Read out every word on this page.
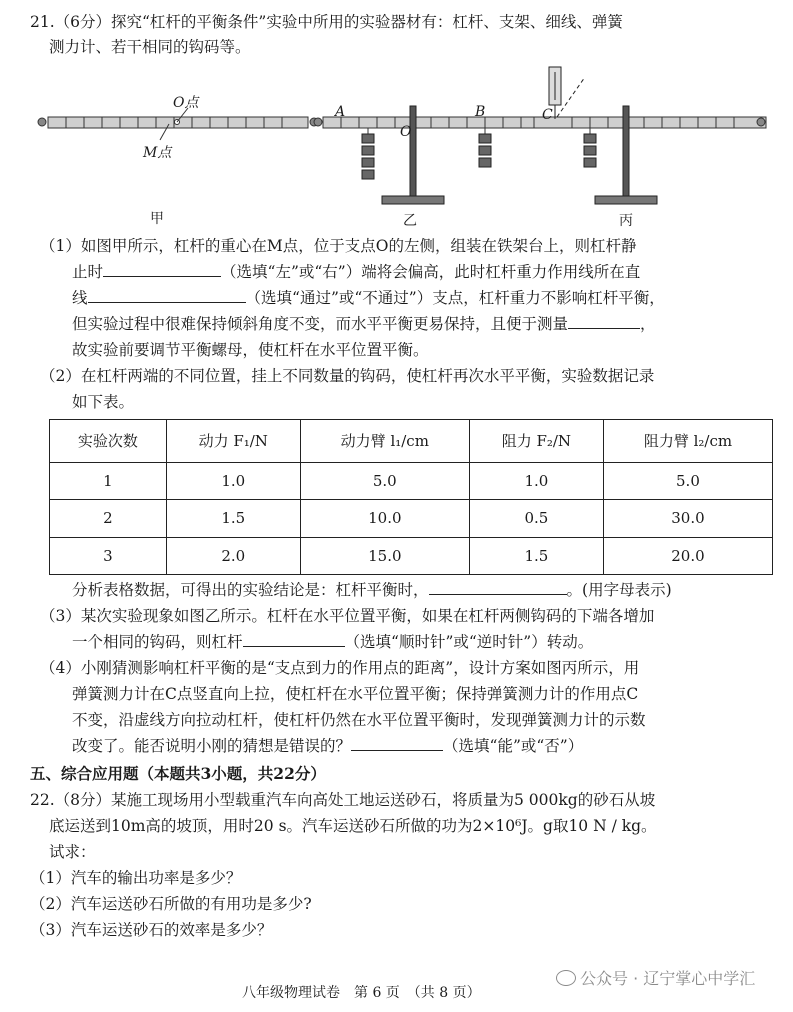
21.（6分）探究“杠杆的平衡条件”实验中所用的实验器材有：杠杆、支架、细线、弹簧
测力计、若干相同的钩码等。
O点
M点
A
O
B	C
甲	乙	丙
（1）如图甲所示，杠杆的重心在M点，位于支点O的左侧，组装在铁架台上，则杠杆静
止时	（选填“左”或“右”）端将会偏高，此时杠杆重力作用线所在直
线	（选填“通过”或“不通过”）支点，杠杆重力不影响杠杆平衡，
但实验过程中很难保持倾斜角度不变，而水平平衡更易保持，且便于测量	，
故实验前要调节平衡螺母，使杠杆在水平位置平衡。
（2）在杠杆两端的不同位置，挂上不同数量的钩码，使杠杆再次水平平衡，实验数据记录
如下表。
实验次数	动力 F₁/N	动力臂 l₁/cm	阻力 F₂/N	阻力臂 l₂/cm
1	1.0	5.0	1.0	5.0
2	1.5	10.0	0.5	30.0
3	2.0	15.0	1.5	20.0
分析表格数据，可得出的实验结论是：杠杆平衡时，	。(用字母表示)
（3）某次实验现象如图乙所示。杠杆在水平位置平衡，如果在杠杆两侧钩码的下端各增加
一个相同的钩码，则杠杆	（选填“顺时针”或“逆时针”）转动。
（4）小刚猜测影响杠杆平衡的是“支点到力的作用点的距离”，设计方案如图丙所示，用
弹簧测力计在C点竖直向上拉，使杠杆在水平位置平衡；保持弹簧测力计的作用点C
不变，沿虚线方向拉动杠杆，使杠杆仍然在水平位置平衡时，发现弹簧测力计的示数
改变了。能否说明小刚的猜想是错误的？	（选填“能”或“否”）
五、综合应用题（本题共3小题，共22分）
22.（8分）某施工现场用小型载重汽车向高处工地运送砂石，将质量为5 000kg的砂石从坡
底运送到10m高的坡顶，用时20 s。汽车运送砂石所做的功为2×10⁶J。g取10 N / kg。
试求：
（1）汽车的输出功率是多少？
（2）汽车运送砂石所做的有用功是多少?
（3）汽车运送砂石的效率是多少？
公众号 · 辽宁掌心中学汇
八年级物理试卷　第 6 页　（共 8 页）
